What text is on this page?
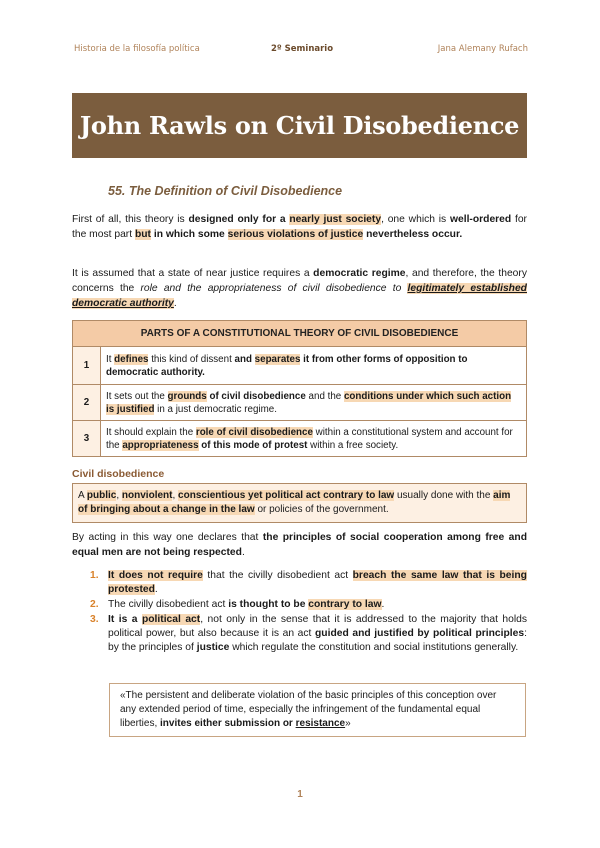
Historia de la filosofía política	2º Seminario	Jana Alemany Rufach
John Rawls on Civil Disobedience
55. The Definition of Civil Disobedience

First of all, this theory is designed only for a nearly just society, one which is well-ordered for the most part but in which some serious violations of justice nevertheless occur.

It is assumed that a state of near justice requires a democratic regime, and therefore, the theory concerns the role and the appropriateness of civil disobedience to legitimately established democratic authority.

PARTS OF A CONSTITUTIONAL THEORY OF CIVIL DISOBEDIENCE	
1	It defines this kind of dissent and separates it from other forms of opposition to democratic authority.
2	It sets out the grounds of civil disobedience and the conditions under which such action is justified in a just democratic regime.
3	It should explain the role of civil disobedience within a constitutional system and account for the appropriateness of this mode of protest within a free society.
Civil disobedience
A public, nonviolent, conscientious yet political act contrary to law usually done with the aim of bringing about a change in the law or policies of the government.

By acting in this way one declares that the principles of social cooperation among free and equal men are not being respected.

1. It does not require that the civilly disobedient act breach the same law that is being protested.
2. The civilly disobedient act is thought to be contrary to law.
3. It is a political act, not only in the sense that it is addressed to the majority that holds political power, but also because it is an act guided and justified by political principles: by the principles of justice which regulate the constitution and social institutions generally.
«The persistent and deliberate violation of the basic principles of this conception over any extended period of time, especially the infringement of the fundamental equal liberties, invites either submission or resistance»
1
